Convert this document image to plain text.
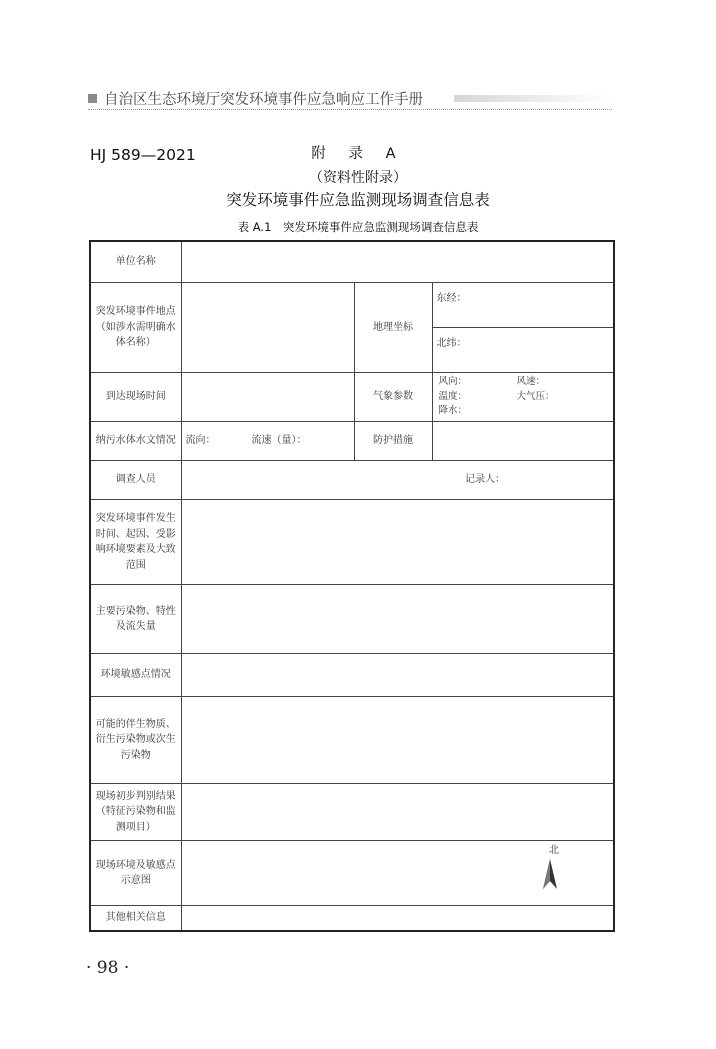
自治区生态环境厅突发环境事件应急响应工作手册
HJ 589—2021	附 录 A
（资料性附录）
突发环境事件应急监测现场调查信息表
表 A.1　突发环境事件应急监测现场调查信息表
单位名称			
突发环境事件地点（如涉水需明确水体名称）		地理坐标	东经：
			北纬：
到达现场时间		气象参数	风向： 风速：
温度： 大气压：
降水：
纳污水体水文情况	流向： 流速（量）：	防护措施	
调查人员	记录人：		
突发环境事件发生时间、起因、受影响环境要素及大致范围			
主要污染物、特性及流失量			
环境敏感点情况			
可能的伴生物质、衍生污染物或次生污染物			
现场初步判别结果（特征污染物和监测项目）			
现场环境及敏感点示意图	北		

其他相关信息			
· 98 ·
